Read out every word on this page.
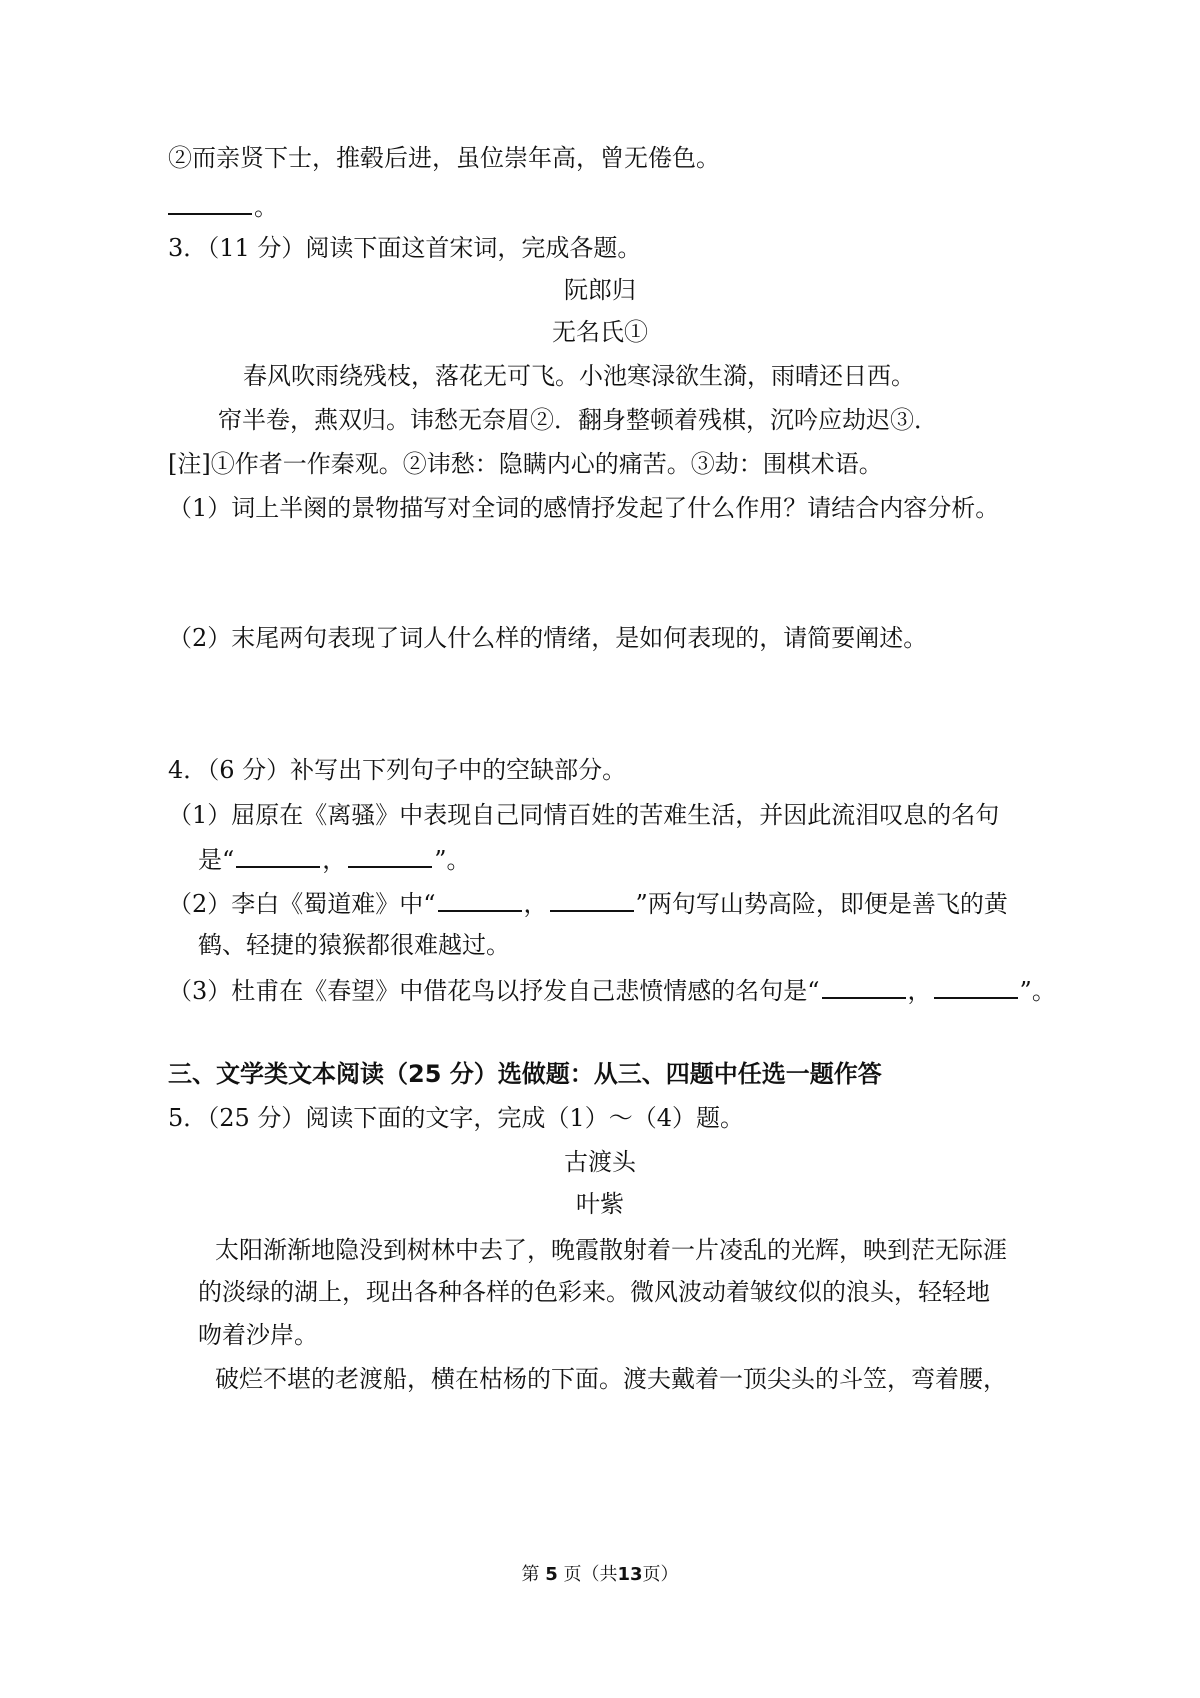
②而亲贤下士，推毂后进，虽位崇年高，曾无倦色。
。
3．（11 分）阅读下面这首宋词，完成各题。
阮郎归
无名氏①
春风吹雨绕残枝，落花无可飞。小池寒渌欲生漪，雨晴还日西。
帘半卷，燕双归。讳愁无奈眉②．翻身整顿着残棋，沉吟应劫迟③．
[注]①作者一作秦观。②讳愁：隐瞒内心的痛苦。③劫：围棋术语。
（1）词上半阕的景物描写对全词的感情抒发起了什么作用？请结合内容分析。
（2）末尾两句表现了词人什么样的情绪，是如何表现的，请简要阐述。
4．（6 分）补写出下列句子中的空缺部分。
（1）屈原在《离骚》中表现自己同情百姓的苦难生活，并因此流泪叹息的名句
是“	，	”。
（2）李白《蜀道难》中“	，	”两句写山势高险，即便是善飞的黄
鹤、轻捷的猿猴都很难越过。
（3）杜甫在《春望》中借花鸟以抒发自己悲愤情感的名句是“	，	”。
三、文学类文本阅读（25 分）选做题：从三、四题中任选一题作答
5．（25 分）阅读下面的文字，完成（1）～（4）题。
古渡头
叶紫
太阳渐渐地隐没到树林中去了，晚霞散射着一片凌乱的光辉，映到茫无际涯
的淡绿的湖上，现出各种各样的色彩来。微风波动着皱纹似的浪头，轻轻地
吻着沙岸。
破烂不堪的老渡船，横在枯杨的下面。渡夫戴着一顶尖头的斗笠，弯着腰，
第 5 页（共13页）
